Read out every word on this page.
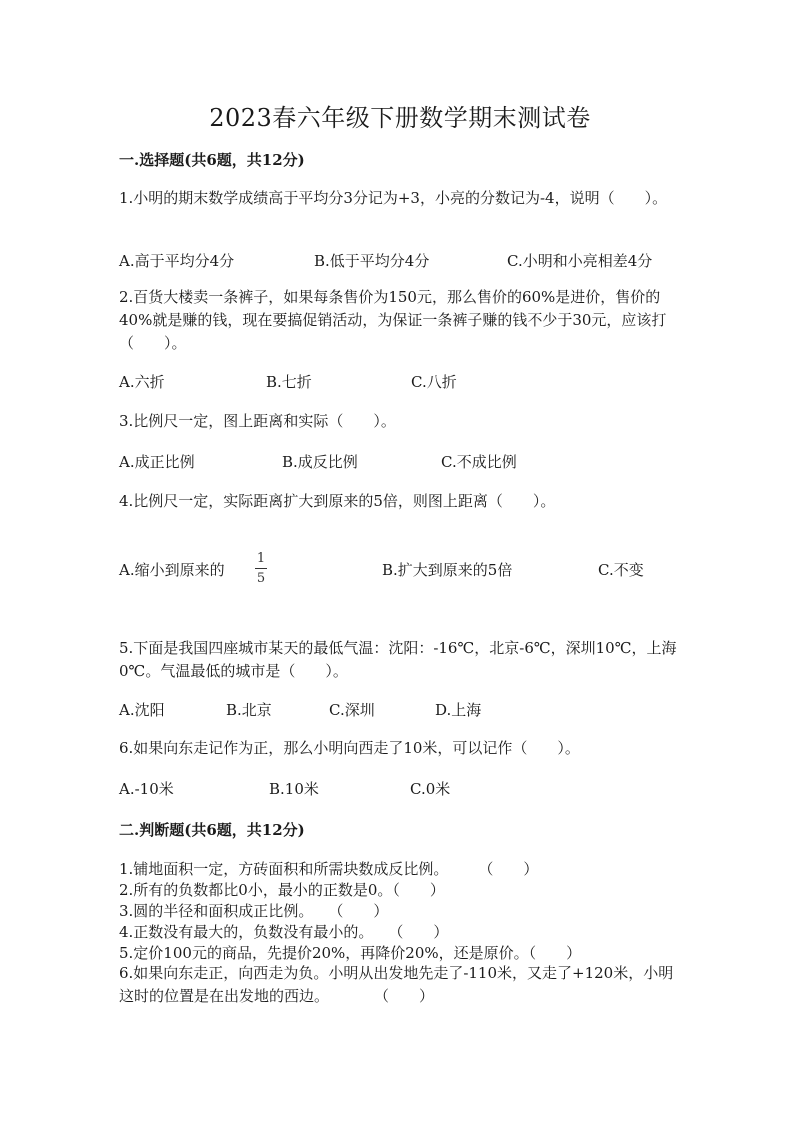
2023春六年级下册数学期末测试卷
一.选择题(共6题，共12分)
1.小明的期末数学成绩高于平均分3分记为+3，小亮的分数记为-4，说明（　　）。
A.高于平均分4分	B.低于平均分4分	C.小明和小亮相差4分
2.百货大楼卖一条裤子，如果每条售价为150元，那么售价的60%是进价，售价的40%就是赚的钱，现在要搞促销活动，为保证一条裤子赚的钱不少于30元，应该打（　　）。
A.六折	B.七折	C.八折
3.比例尺一定，图上距离和实际（　　）。
A.成正比例	B.成反比例	C.不成比例
4.比例尺一定，实际距离扩大到原来的5倍，则图上距离（　　）。
A.缩小到原来的
1
5	B.扩大到原来的5倍	C.不变
5.下面是我国四座城市某天的最低气温：沈阳：-16℃，北京-6℃，深圳10℃，上海0℃。气温最低的城市是（　　）。
A.沈阳	B.北京	C.深圳	D.上海
6.如果向东走记作为正，那么小明向西走了10米，可以记作（　　）。
A.-10米	B.10米	C.0米
二.判断题(共6题，共12分)
1.铺地面积一定，方砖面积和所需块数成反比例。　　　（　　）
2.所有的负数都比0小，最小的正数是0。（　　）
3.圆的半径和面积成正比例。　　（　　）
4.正数没有最大的，负数没有最小的。　　（　　）
5.定价100元的商品，先提价20%，再降价20%，还是原价。（　　）
6.如果向东走正，向西走为负。小明从出发地先走了-110米，又走了+120米，小明这时的位置是在出发地的西边。　　　　（　　）
